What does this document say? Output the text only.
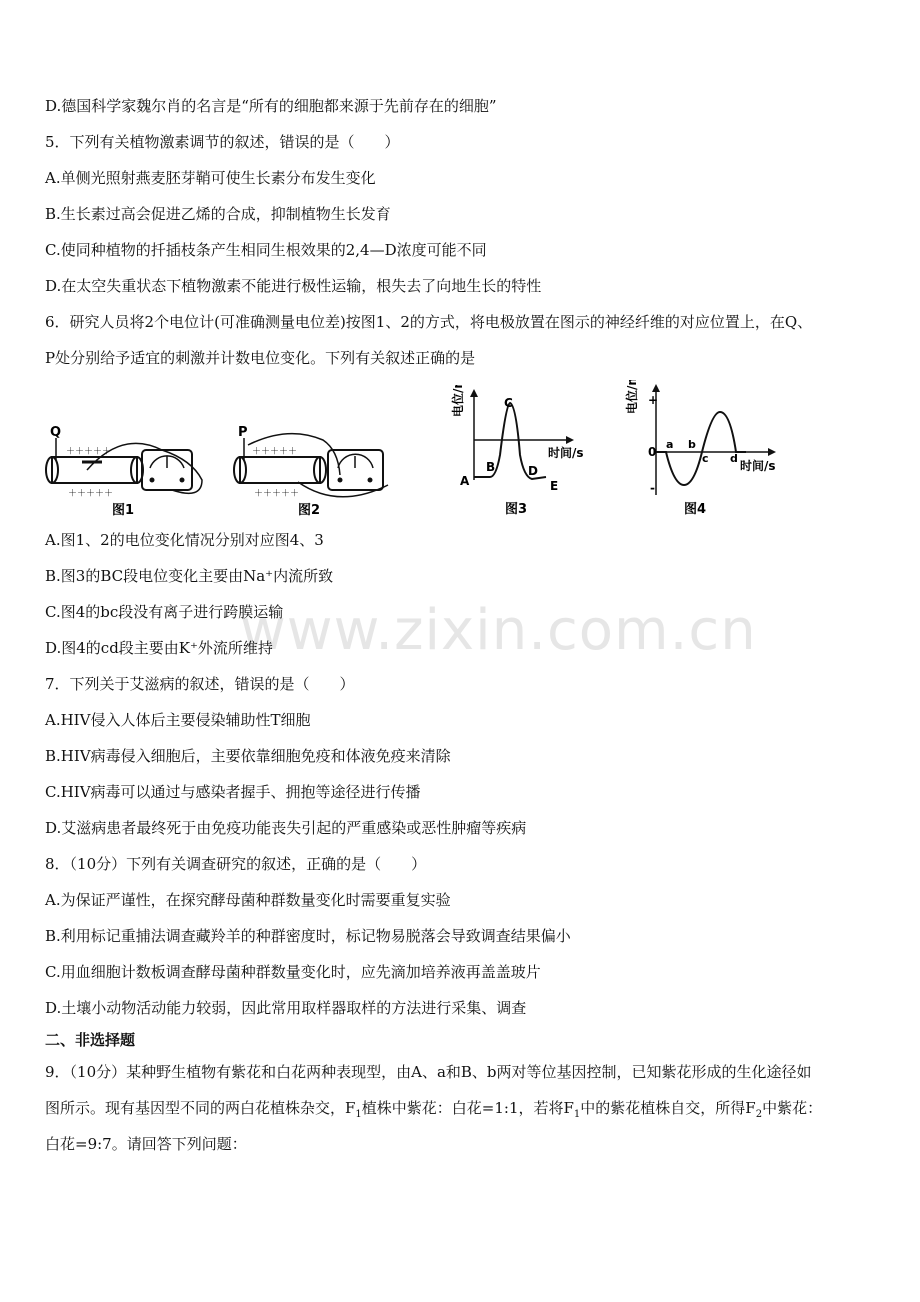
www.zixin.com.cn
D.德国科学家魏尔肖的名言是“所有的细胞都来源于先前存在的细胞”
5．下列有关植物激素调节的叙述，错误的是（　　）
A.单侧光照射燕麦胚芽鞘可使生长素分布发生变化
B.生长素过高会促进乙烯的合成，抑制植物生长发育
C.使同种植物的扦插枝条产生相同生根效果的2,4—D浓度可能不同
D.在太空失重状态下植物激素不能进行极性运输，根失去了向地生长的特性
6．研究人员将2个电位计(可准确测量电位差)按图1、2的方式，将电极放置在图示的神经纤维的对应位置上，在Q、
P处分别给予适宜的刺激并计数电位变化。下列有关叙述正确的是
Q
＋＋＋＋＋
＋＋＋＋＋
图1
P
＋＋＋＋＋
＋＋＋＋＋
图2
电位/mV
时间/s
A
B
C
D
E
图3
电位/mV +
0
-
时间/s
a b
c d
图4
A.图1、2的电位变化情况分别对应图4、3
B.图3的BC段电位变化主要由Na⁺内流所致
C.图4的bc段没有离子进行跨膜运输
D.图4的cd段主要由K⁺外流所维持
7．下列关于艾滋病的叙述，错误的是（　　）
A.HIV侵入人体后主要侵染辅助性T细胞
B.HIV病毒侵入细胞后，主要依靠细胞免疫和体液免疫来清除
C.HIV病毒可以通过与感染者握手、拥抱等途径进行传播
D.艾滋病患者最终死于由免疫功能丧失引起的严重感染或恶性肿瘤等疾病
8．（10分）下列有关调查研究的叙述，正确的是（　　）
A.为保证严谨性，在探究酵母菌种群数量变化时需要重复实验
B.利用标记重捕法调查藏羚羊的种群密度时，标记物易脱落会导致调查结果偏小
C.用血细胞计数板调查酵母菌种群数量变化时，应先滴加培养液再盖盖玻片
D.土壤小动物活动能力较弱，因此常用取样器取样的方法进行采集、调查
二、非选择题
9．（10分）某种野生植物有紫花和白花两种表现型，由A、a和B、b两对等位基因控制，已知紫花形成的生化途径如
图所示。现有基因型不同的两白花植株杂交，$F_1$植株中紫花：白花=1:1，若将$F_1$中的紫花植株自交，所得$F_2$中紫花：
白花=9:7。请回答下列问题：
